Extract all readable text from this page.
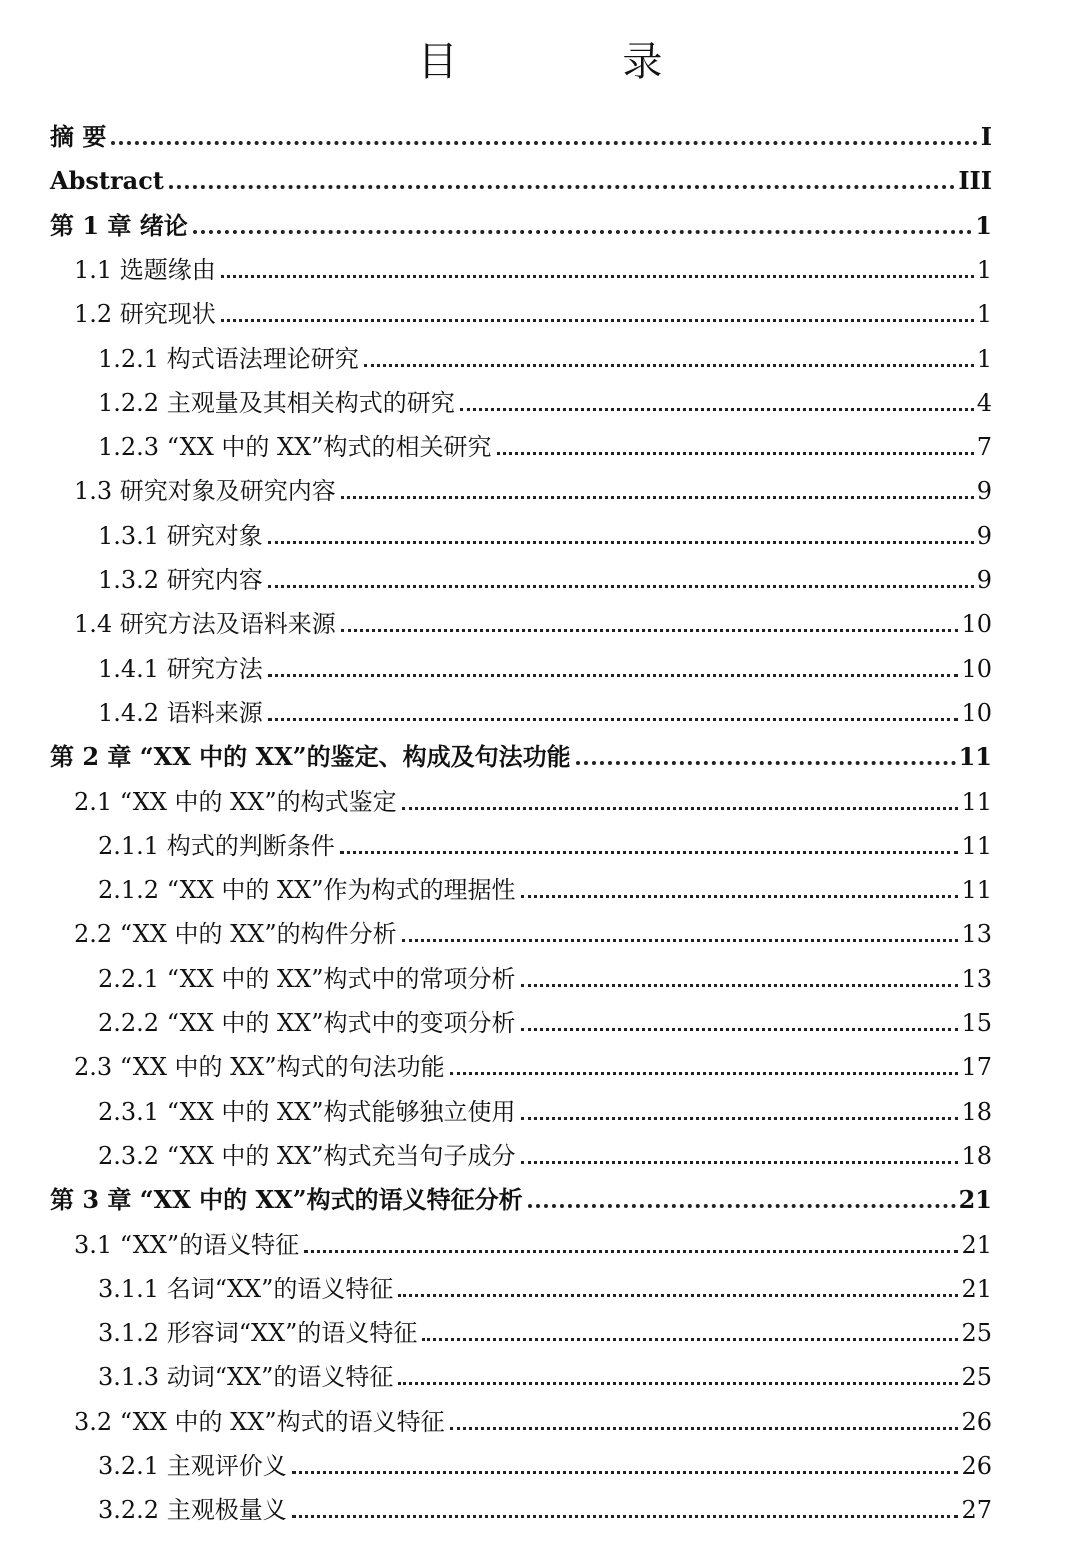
目 录
摘 要	I
Abstract	III
第 1 章 绪论	1
1.1 选题缘由	1
1.2 研究现状	1
1.2.1 构式语法理论研究	1
1.2.2 主观量及其相关构式的研究	4
1.2.3 “XX 中的 XX”构式的相关研究	7
1.3 研究对象及研究内容	9
1.3.1 研究对象	9
1.3.2 研究内容	9
1.4 研究方法及语料来源	10
1.4.1 研究方法	10
1.4.2 语料来源	10
第 2 章 “XX 中的 XX”的鉴定、构成及句法功能	11
2.1 “XX 中的 XX”的构式鉴定	11
2.1.1 构式的判断条件	11
2.1.2 “XX 中的 XX”作为构式的理据性	11
2.2 “XX 中的 XX”的构件分析	13
2.2.1 “XX 中的 XX”构式中的常项分析	13
2.2.2 “XX 中的 XX”构式中的变项分析	15
2.3 “XX 中的 XX”构式的句法功能	17
2.3.1 “XX 中的 XX”构式能够独立使用	18
2.3.2 “XX 中的 XX”构式充当句子成分	18
第 3 章 “XX 中的 XX”构式的语义特征分析	21
3.1 “XX”的语义特征	21
3.1.1 名词“XX”的语义特征	21
3.1.2 形容词“XX”的语义特征	25
3.1.3 动词“XX”的语义特征	25
3.2 “XX 中的 XX”构式的语义特征	26
3.2.1 主观评价义	26
3.2.2 主观极量义	27
